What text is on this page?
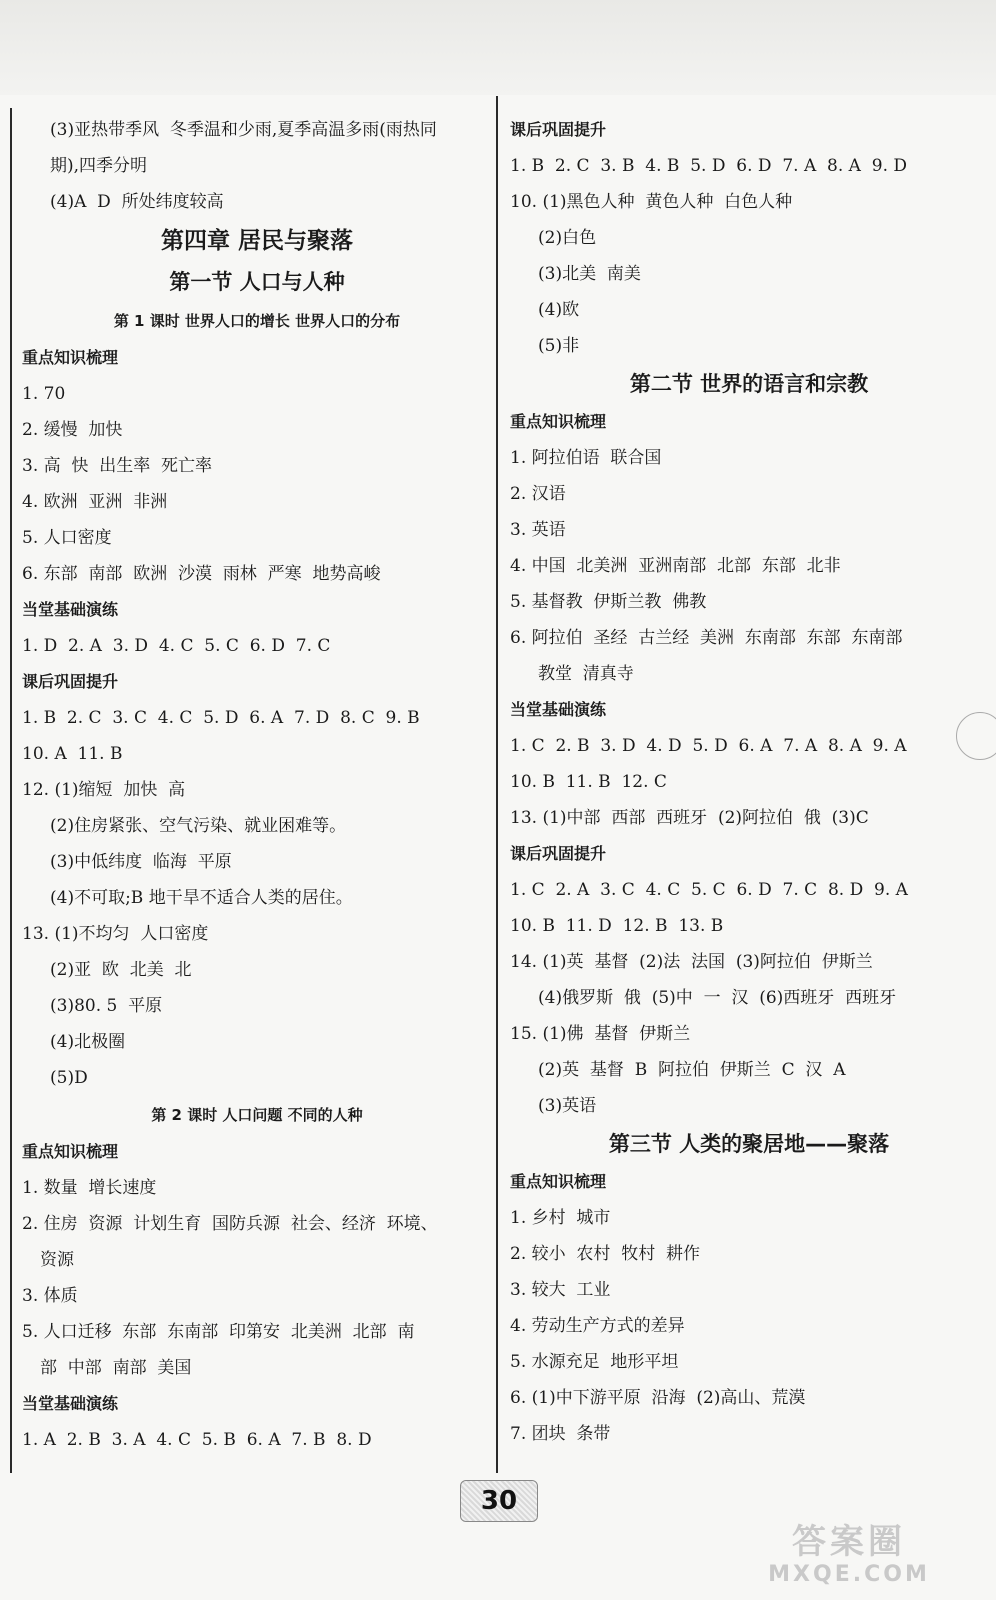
(3)亚热带季风  冬季温和少雨,夏季高温多雨(雨热同
期),四季分明
(4)A  D  所处纬度较高
第四章 居民与聚落
第一节 人口与人种
第 1 课时 世界人口的增长 世界人口的分布
重点知识梳理
1. 70
2. 缓慢  加快
3. 高  快  出生率  死亡率
4. 欧洲  亚洲  非洲
5. 人口密度
6. 东部  南部  欧洲  沙漠  雨林  严寒  地势高峻
当堂基础演练
1. D  2. A  3. D  4. C  5. C  6. D  7. C
课后巩固提升
1. B  2. C  3. C  4. C  5. D  6. A  7. D  8. C  9. B
10. A  11. B
12. (1)缩短  加快  高
(2)住房紧张、空气污染、就业困难等。
(3)中低纬度  临海  平原
(4)不可取;B 地干旱不适合人类的居住。
13. (1)不均匀  人口密度
(2)亚  欧  北美  北
(3)80. 5  平原
(4)北极圈
(5)D
第 2 课时 人口问题 不同的人种
重点知识梳理
1. 数量  增长速度
2. 住房  资源  计划生育  国防兵源  社会、经济  环境、
资源
3. 体质
5. 人口迁移  东部  东南部  印第安  北美洲  北部  南
部  中部  南部  美国
当堂基础演练
1. A  2. B  3. A  4. C  5. B  6. A  7. B  8. D
课后巩固提升
1. B  2. C  3. B  4. B  5. D  6. D  7. A  8. A  9. D
10. (1)黑色人种  黄色人种  白色人种
(2)白色
(3)北美  南美
(4)欧
(5)非
第二节 世界的语言和宗教
重点知识梳理
1. 阿拉伯语  联合国
2. 汉语
3. 英语
4. 中国  北美洲  亚洲南部  北部  东部  北非
5. 基督教  伊斯兰教  佛教
6. 阿拉伯  圣经  古兰经  美洲  东南部  东部  东南部
教堂  清真寺
当堂基础演练
1. C  2. B  3. D  4. D  5. D  6. A  7. A  8. A  9. A
10. B  11. B  12. C
13. (1)中部  西部  西班牙  (2)阿拉伯  俄  (3)C
课后巩固提升
1. C  2. A  3. C  4. C  5. C  6. D  7. C  8. D  9. A
10. B  11. D  12. B  13. B
14. (1)英  基督  (2)法  法国  (3)阿拉伯  伊斯兰
(4)俄罗斯  俄  (5)中  一  汉  (6)西班牙  西班牙
15. (1)佛  基督  伊斯兰
(2)英  基督  B  阿拉伯  伊斯兰  C  汉  A
(3)英语
第三节 人类的聚居地——聚落
重点知识梳理
1. 乡村  城市
2. 较小  农村  牧村  耕作
3. 较大  工业
4. 劳动生产方式的差异
5. 水源充足  地形平坦
6. (1)中下游平原  沿海  (2)高山、荒漠
7. 团块  条带
30
答案圈
MXQE.COM
